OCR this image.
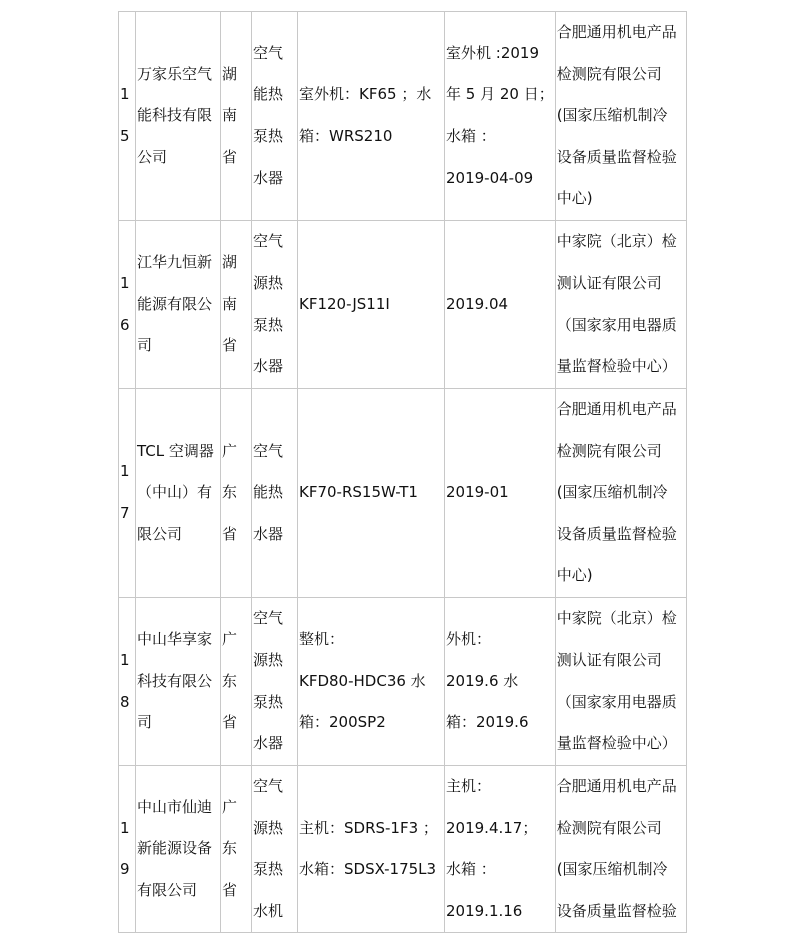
1
5	万家乐空气
能科技有限
公司	湖
南
省	空气
能热
泵热
水器	室外机：KF65 ；水
箱：WRS210	室外机 :2019
年 5 月 20 日；
水箱 ：
2019-04-09	合肥通用机电产品
检测院有限公司
(国家压缩机制冷
设备质量监督检验
中心)

1
6	江华九恒新
能源有限公
司	湖
南
省	空气
源热
泵热
水器	KF120-JS11I	2019.04	中家院（北京）检
测认证有限公司
（国家家用电器质
量监督检验中心）

1
7	TCL 空调器
（中山）有
限公司	广
东
省	空气
能热
水器	KF70-RS15W-T1	2019-01	合肥通用机电产品
检测院有限公司
(国家压缩机制冷
设备质量监督检验
中心)

1
8	中山华享家
科技有限公
司	广
东
省	空气
源热
泵热
水器	整机：
KFD80-HDC36 水
箱：200SP2	外机：
2019.6 水
箱：2019.6	中家院（北京）检
测认证有限公司
（国家家用电器质
量监督检验中心）

1
9	中山市仙迪
新能源设备
有限公司	广
东
省	空气
源热
泵热
水机	主机：SDRS-1F3 ；
水箱：SDSX-175L3	主机：
2019.4.17；
水箱 ：
2019.1.16	合肥通用机电产品
检测院有限公司
(国家压缩机制冷
设备质量监督检验
